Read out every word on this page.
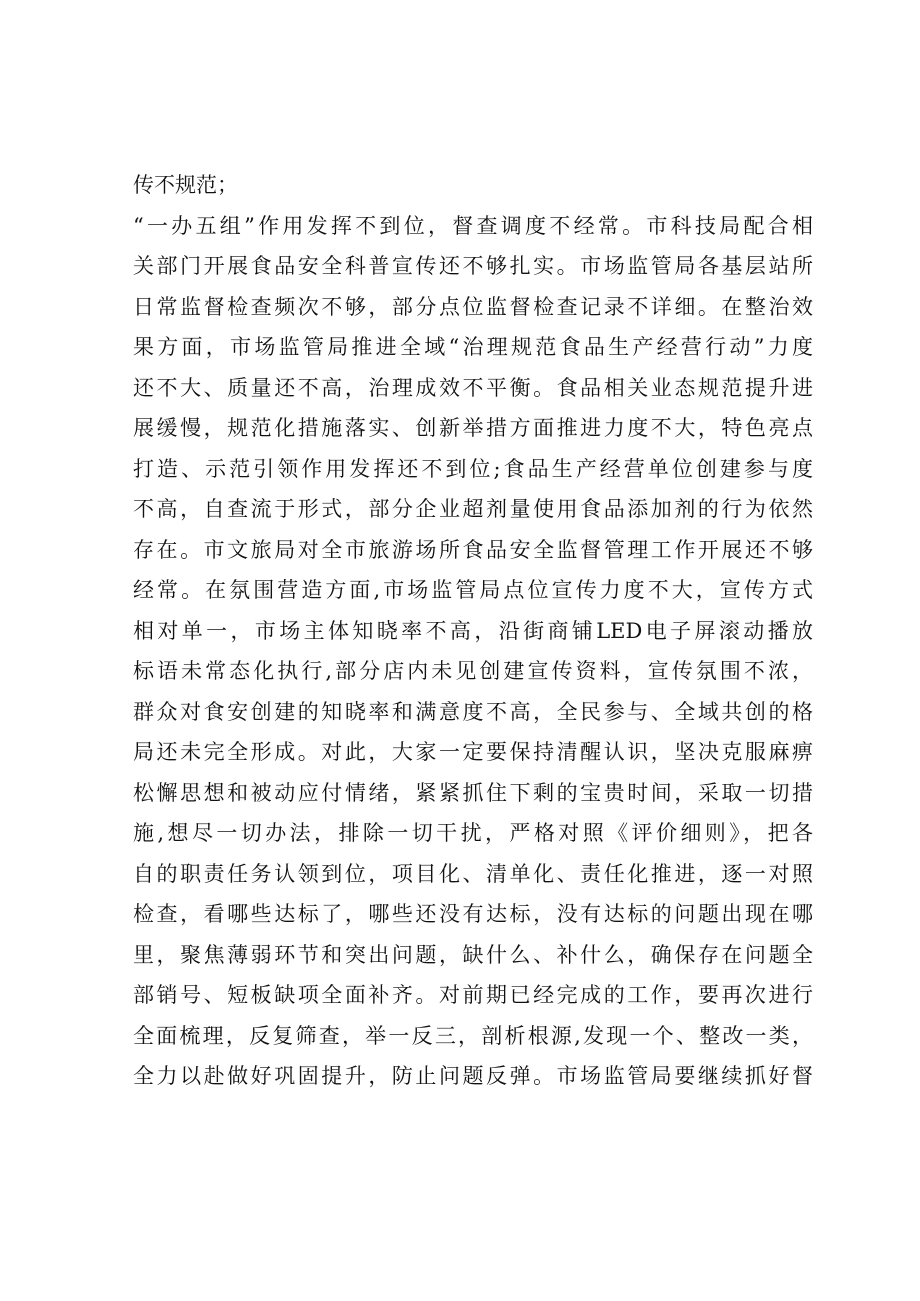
传不规范；
“一办五组”作用发挥不到位，督查调度不经常。市科技局配合相
关部门开展食品安全科普宣传还不够扎实。市场监管局各基层站所
日常监督检查频次不够，部分点位监督检查记录不详细。在整治效
果方面，市场监管局推进全域“治理规范食品生产经营行动”力度
还不大、质量还不高，治理成效不平衡。食品相关业态规范提升进
展缓慢，规范化措施落实、创新举措方面推进力度不大，特色亮点
打造、示范引领作用发挥还不到位;食品生产经营单位创建参与度
不高，自查流于形式，部分企业超剂量使用食品添加剂的行为依然
存在。市文旅局对全市旅游场所食品安全监督管理工作开展还不够
经常。在氛围营造方面,市场监管局点位宣传力度不大，宣传方式
相对单一，市场主体知晓率不高，沿街商铺LED电子屏滚动播放
标语未常态化执行,部分店内未见创建宣传资料，宣传氛围不浓，
群众对食安创建的知晓率和满意度不高，全民参与、全域共创的格
局还未完全形成。对此，大家一定要保持清醒认识，坚决克服麻痹
松懈思想和被动应付情绪，紧紧抓住下剩的宝贵时间，采取一切措
施,想尽一切办法，排除一切干扰，严格对照《评价细则》，把各
自的职责任务认领到位，项目化、清单化、责任化推进，逐一对照
检查，看哪些达标了，哪些还没有达标，没有达标的问题出现在哪
里，聚焦薄弱环节和突出问题，缺什么、补什么，确保存在问题全
部销号、短板缺项全面补齐。对前期已经完成的工作，要再次进行
全面梳理，反复筛查，举一反三，剖析根源,发现一个、整改一类，
全力以赴做好巩固提升，防止问题反弹。市场监管局要继续抓好督
